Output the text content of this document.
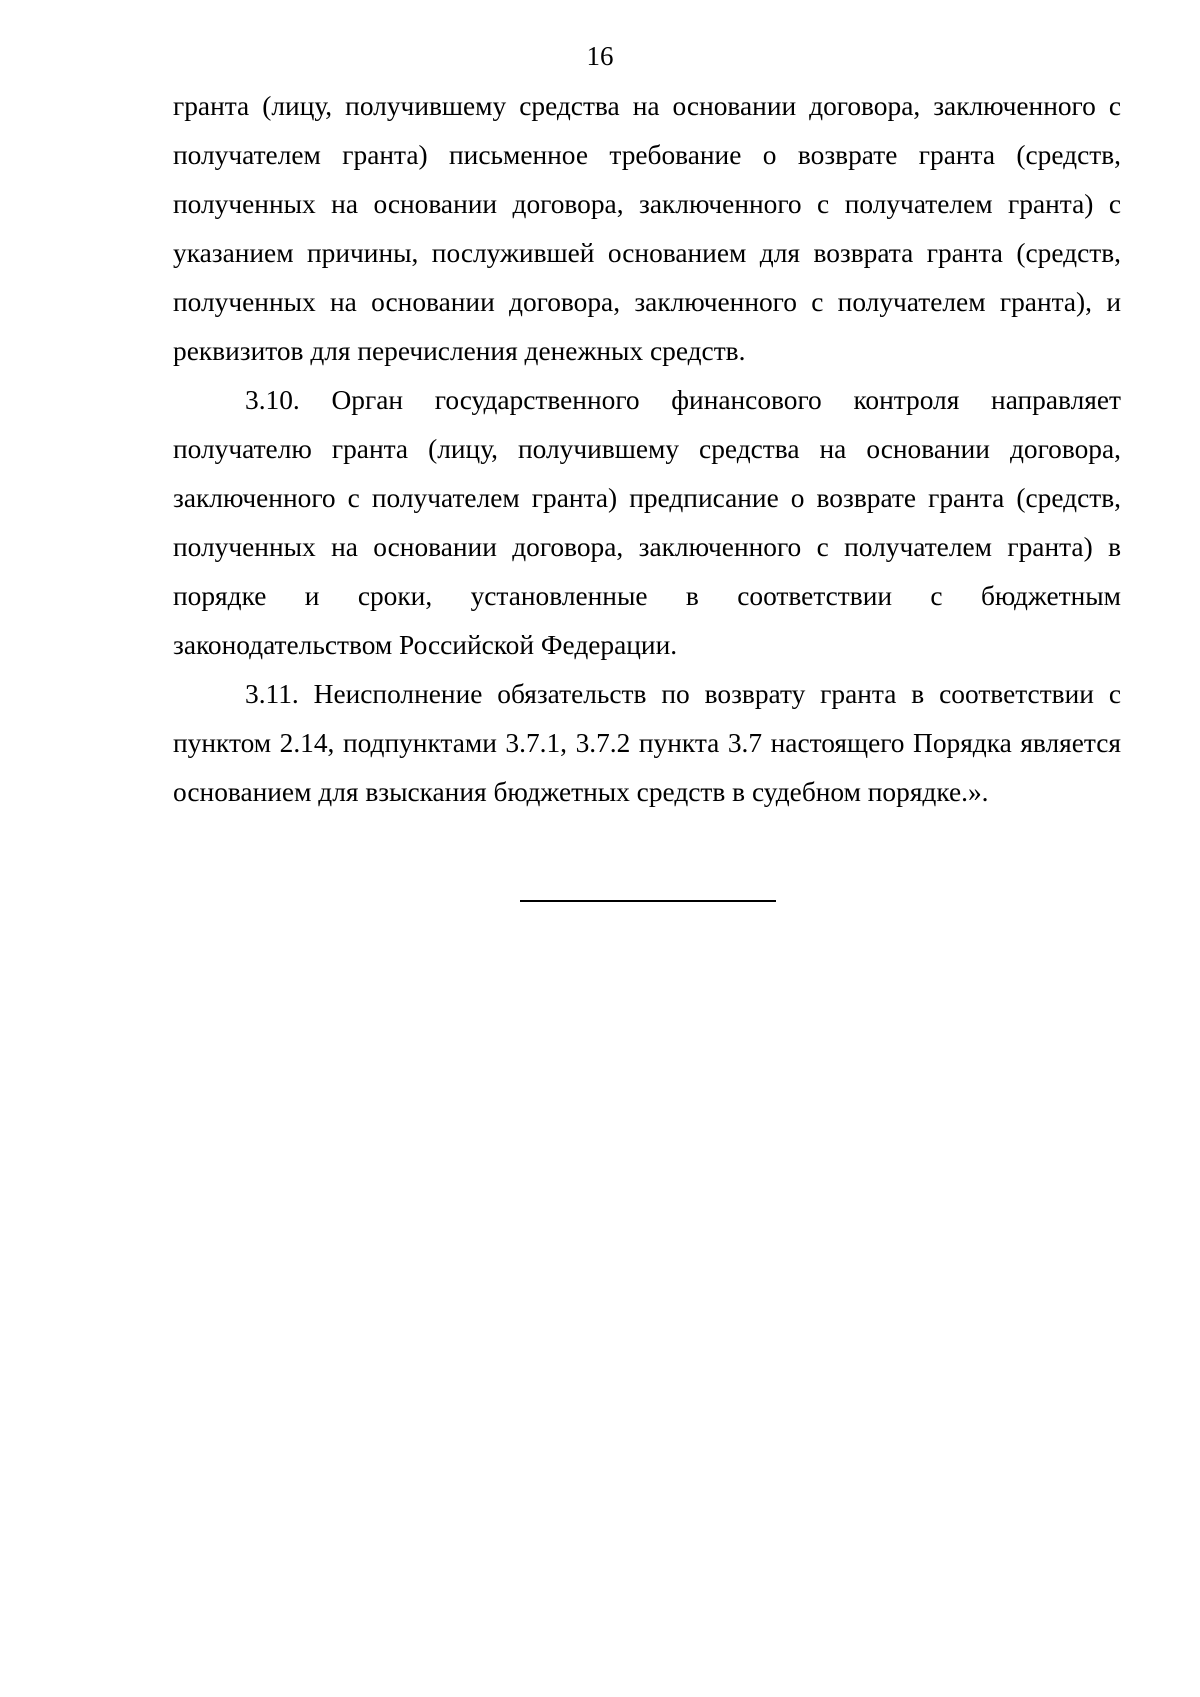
16

гранта (лицу, получившему средства на основании договора, заключенного с получателем гранта) письменное требование о возврате гранта (средств, полученных на основании договора, заключенного с получателем гранта) с указанием причины, послужившей основанием для возврата гранта (средств, полученных на основании договора, заключенного с получателем гранта), и реквизитов для перечисления денежных средств.

3.10. Орган государственного финансового контроля направляет получателю гранта (лицу, получившему средства на основании договора, заключенного с получателем гранта) предписание о возврате гранта (средств, полученных на основании договора, заключенного с получателем гранта) в порядке и сроки, установленные в соответствии с бюджетным законодательством Российской Федерации.

3.11. Неисполнение обязательств по возврату гранта в соответствии с пунктом 2.14, подпунктами 3.7.1, 3.7.2 пункта 3.7 настоящего Порядка является основанием для взыскания бюджетных средств в судебном порядке.».
